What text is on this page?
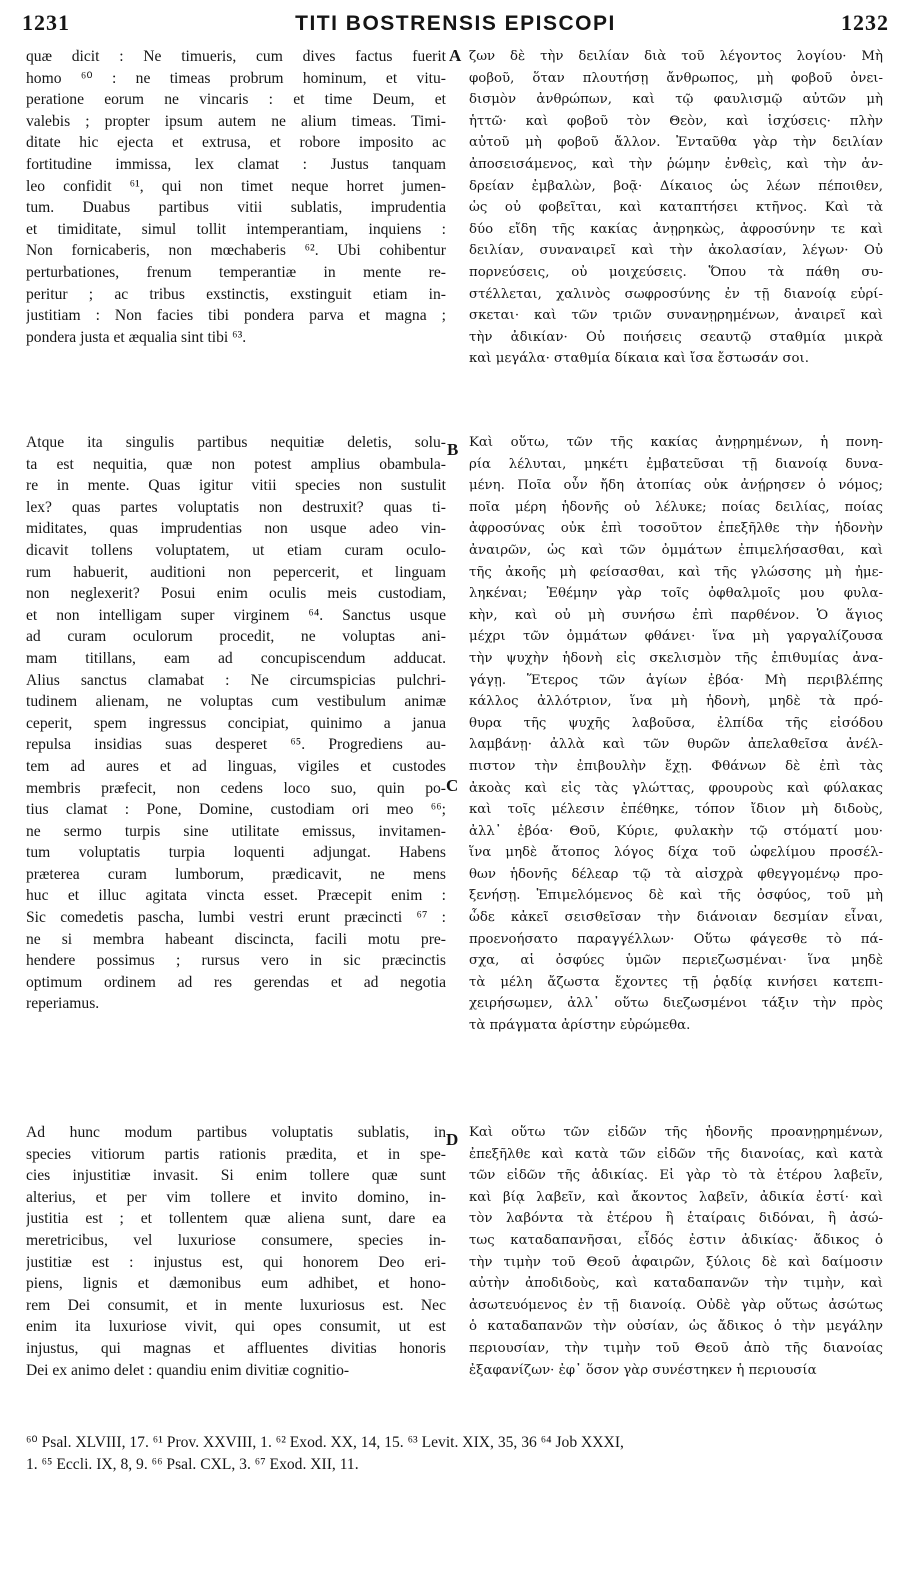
1231	TITI BOSTRENSIS EPISCOPI	1232
quæ dicit : Ne timueris, cum dives factus fuerit
homo ⁶⁰ : ne timeas probrum hominum, et vitu-
peratione eorum ne vincaris : et time Deum, et
valebis ; propter ipsum autem ne alium timeas. Timi-
ditate hic ejecta et extrusa, et robore imposito ac
fortitudine immissa, lex clamat : Justus tanquam
leo confidit ⁶¹, qui non timet neque horret jumen-
tum. Duabus partibus vitii sublatis, imprudentia
et timiditate, simul tollit intemperantiam, inquiens :
Non fornicaberis, non mœchaberis ⁶². Ubi cohibentur
perturbationes, frenum temperantiæ in mente re-
peritur ; ac tribus exstinctis, exstinguit etiam in-
justitiam : Non facies tibi pondera parva et magna ;
pondera justa et æqualia sint tibi ⁶³.
A ζων δὲ τὴν δειλίαν διὰ τοῦ λέγοντος λογίου· Μὴ
φοβοῦ, ὅταν πλουτήσῃ ἄνθρωπος, μὴ φοβοῦ ὀνει-
δισμὸν ἀνθρώπων, καὶ τῷ φαυλισμῷ αὐτῶν μὴ
ἡττῶ· καὶ φοβοῦ τὸν Θεὸν, καὶ ἰσχύσεις· πλὴν
αὐτοῦ μὴ φοβοῦ ἄλλον. Ἐνταῦθα γὰρ τὴν δειλίαν
ἀποσεισάμενος, καὶ τὴν ῥώμην ἐνθεὶς, καὶ τὴν ἀν-
δρείαν ἐμβαλὼν, βοᾷ· Δίκαιος ὡς λέων πέποιθεν,
ὡς οὐ φοβεῖται, καὶ καταπτήσει κτῆνος. Καὶ τὰ
δύο εἴδη τῆς κακίας ἀνῃρηκὼς, ἀφροσύνην τε καὶ
δειλίαν, συναναιρεῖ καὶ τὴν ἀκολασίαν, λέγων· Οὐ
πορνεύσεις, οὐ μοιχεύσεις. Ὅπου τὰ πάθη συ-
στέλλεται, χαλινὸς σωφροσύνης ἐν τῇ διανοίᾳ εὑρί-
σκεται· καὶ τῶν τριῶν συνανῃρημένων, ἀναιρεῖ καὶ
τὴν ἀδικίαν· Οὐ ποιήσεις σεαυτῷ σταθμία μικρὰ
καὶ μεγάλα· σταθμία δίκαια καὶ ἴσα ἔστωσάν σοι.
Atque ita singulis partibus nequitiæ deletis, solu-
ta est nequitia, quæ non potest amplius obambula-
re in mente. Quas igitur vitii species non sustulit
lex? quas partes voluptatis non destruxit? quas ti-
miditates, quas imprudentias non usque adeo vin-
dicavit tollens voluptatem, ut etiam curam oculo-
rum habuerit, auditioni non pepercerit, et linguam
non neglexerit? Posui enim oculis meis custodiam,
et non intelligam super virginem ⁶⁴. Sanctus usque
ad curam oculorum procedit, ne voluptas ani-
mam titillans, eam ad concupiscendum adducat.
Alius sanctus clamabat : Ne circumspicias pulchri-
tudinem alienam, ne voluptas cum vestibulum animæ
ceperit, spem ingressus concipiat, quinimo a janua
repulsa insidias suas desperet ⁶⁵. Progrediens au-
tem ad aures et ad linguas, vigiles et custodes
membris præfecit, non cedens loco suo, quin po-
tius clamat : Pone, Domine, custodiam ori meo ⁶⁶;
ne sermo turpis sine utilitate emissus, invitamen-
tum voluptatis turpia loquenti adjungat. Habens
præterea curam lumborum, prædicavit, ne mens
huc et illuc agitata vincta esset. Præcepit enim :
Sic comedetis pascha, lumbi vestri erunt præcincti ⁶⁷ :
ne si membra habeant discincta, facili motu pre-
hendere possimus ; rursus vero in sic præcinctis
optimum ordinem ad res gerendas et ad negotia
reperiamus.
B Καὶ οὕτω, τῶν τῆς κακίας ἀνῃρημένων, ἡ πονη-
ρία λέλυται, μηκέτι ἐμβατεῦσαι τῇ διανοίᾳ δυνα-
μένη. Ποῖα οὖν ἤδη ἀτοπίας οὐκ ἀνῄρησεν ὁ νόμος;
ποῖα μέρη ἡδονῆς οὐ λέλυκε; ποίας δειλίας, ποίας
ἀφροσύνας οὐκ ἐπὶ τοσοῦτον ἐπεξῆλθε τὴν ἡδονὴν
ἀναιρῶν, ὡς καὶ τῶν ὀμμάτων ἐπιμελήσασθαι, καὶ
τῆς ἀκοῆς μὴ φείσασθαι, καὶ τῆς γλώσσης μὴ ἠμε-
ληκέναι; Ἐθέμην γὰρ τοῖς ὀφθαλμοῖς μου φυλα-
κὴν, καὶ οὐ μὴ συνήσω ἐπὶ παρθένον. Ὁ ἅγιος
μέχρι τῶν ὀμμάτων φθάνει· ἵνα μὴ γαργαλίζουσα
τὴν ψυχὴν ἡδονὴ εἰς σκελισμὸν τῆς ἐπιθυμίας ἀνα-
γάγῃ. Ἕτερος τῶν ἁγίων ἐβόα· Μὴ περιβλέπης
κάλλος ἀλλότριον, ἵνα μὴ ἡδονὴ, μηδὲ τὰ πρό-
θυρα τῆς ψυχῆς λαβοῦσα, ἐλπίδα τῆς εἰσόδου
λαμβάνῃ· ἀλλὰ καὶ τῶν θυρῶν ἀπελαθεῖσα ἀνέλ-
πιστον τὴν ἐπιβουλὴν ἔχῃ. Φθάνων δὲ ἐπὶ τὰς
ἀκοὰς καὶ εἰς τὰς γλώττας, φρουροὺς καὶ φύλακας
καὶ τοῖς μέλεσιν ἐπέθηκε, τόπον ἴδιον μὴ διδοὺς,
ἀλλ᾽ ἐβόα· Θοῦ, Κύριε, φυλακὴν τῷ στόματί μου·
ἵνα μηδὲ ἄτοπος λόγος δίχα τοῦ ὠφελίμου προσέλ-
θων ἡδονῆς δέλεαρ τῷ τὰ αἰσχρὰ φθεγγομένῳ προ-
ξενήσῃ. Ἐπιμελόμενος δὲ καὶ τῆς ὀσφύος, τοῦ μὴ
ὧδε κἀκεῖ σεισθεῖσαν τὴν διάνοιαν δεσμίαν εἶναι,
προενοήσατο παραγγέλλων· Οὕτω φάγεσθε τὸ πά-
σχα, αἱ ὀσφύες ὑμῶν περιεζωσμέναι· ἵνα μηδὲ
τὰ μέλη ἄζωστα ἔχοντες τῇ ῥᾳδίᾳ κινήσει κατεπι-
χειρήσωμεν, ἀλλ᾽ οὕτω διεζωσμένοι τάξιν τὴν πρὸς
τὰ πράγματα ἀρίστην εὐρώμεθα.
C
Ad hunc modum partibus voluptatis sublatis, in
species vitiorum partis rationis prædita, et in spe-
cies injustitiæ invasit. Si enim tollere quæ sunt
alterius, et per vim tollere et invito domino, in-
justitia est ; et tollentem quæ aliena sunt, dare ea
meretricibus, vel luxuriose consumere, species in-
justitiæ est : injustus est, qui honorem Deo eri-
piens, lignis et dæmonibus eum adhibet, et hono-
rem Dei consumit, et in mente luxuriosus est. Nec
enim ita luxuriose vivit, qui opes consumit, ut est
injustus, qui magnas et affluentes divitias honoris
Dei ex animo delet : quandiu enim divitiæ cognitio-
D Καὶ οὕτω τῶν εἰδῶν τῆς ἡδονῆς προανῃρημένων,
ἐπεξῆλθε καὶ κατὰ τῶν εἰδῶν τῆς διανοίας, καὶ κατὰ
τῶν εἰδῶν τῆς ἀδικίας. Εἰ γὰρ τὸ τὰ ἑτέρου λαβεῖν,
καὶ βίᾳ λαβεῖν, καὶ ἄκοντος λαβεῖν, ἀδικία ἐστί· καὶ
τὸν λαβόντα τὰ ἑτέρου ἢ ἑταίραις διδόναι, ἢ ἀσώ-
τως καταδαπανῆσαι, εἶδός ἐστιν ἀδικίας· ἄδικος ὁ
τὴν τιμὴν τοῦ Θεοῦ ἀφαιρῶν, ξύλοις δὲ καὶ δαίμοσιν
αὐτὴν ἀποδιδοὺς, καὶ καταδαπανῶν τὴν τιμὴν, καὶ
ἀσωτευόμενος ἐν τῇ διανοίᾳ. Οὐδὲ γὰρ οὕτως ἀσώτως
ὁ καταδαπανῶν τὴν οὐσίαν, ὡς ἄδικος ὁ τὴν μεγάλην
περιουσίαν, τὴν τιμὴν τοῦ Θεοῦ ἀπὸ τῆς διανοίας
ἐξαφανίζων· ἐφ᾽ ὅσον γὰρ συνέστηκεν ἡ περιουσία
⁶⁰ Psal. XLVIII, 17. ⁶¹ Prov. XXVIII, 1. ⁶² Exod. XX, 14, 15. ⁶³ Levit. XIX, 35, 36 ⁶⁴ Job XXXI,
1. ⁶⁵ Eccli. IX, 8, 9. ⁶⁶ Psal. CXL, 3. ⁶⁷ Exod. XII, 11.
